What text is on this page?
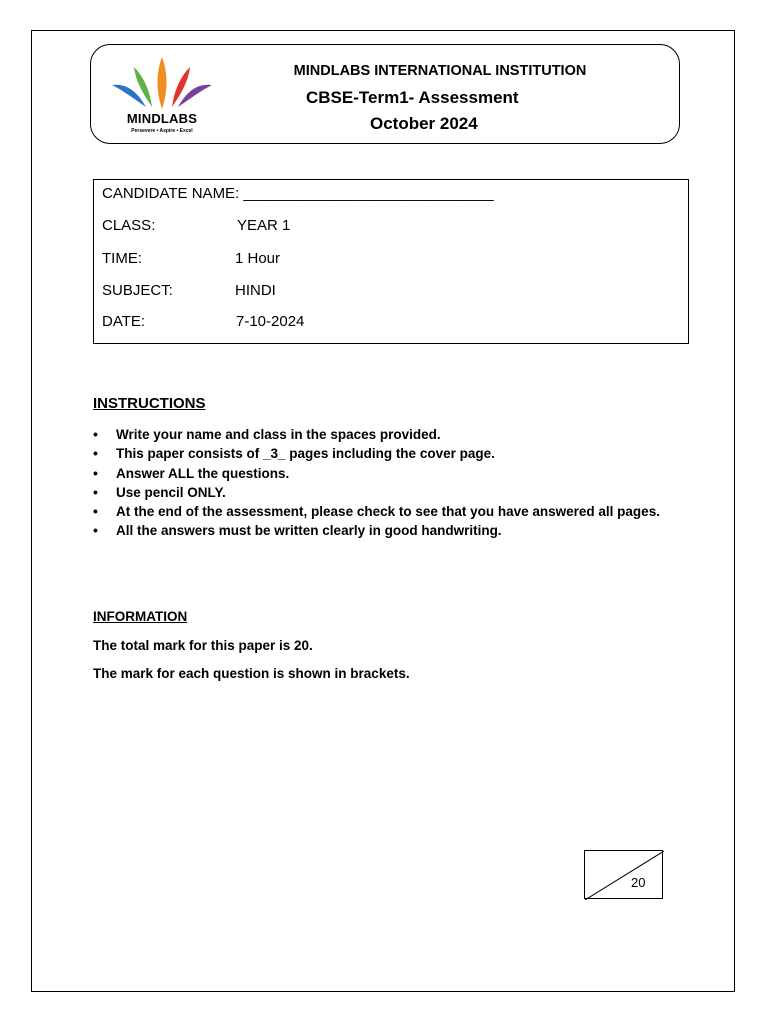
MINDLABS
Persevere • Aspire • Excel
MINDLABS INTERNATIONAL INSTITUTION
CBSE-Term1- Assessment
October 2024
CANDIDATE NAME: ______________________________
CLASS:	YEAR 1
TIME:	1 Hour
SUBJECT:	HINDI
DATE:	7-10-2024
INSTRUCTIONS
• Write your name and class in the spaces provided.
• This paper consists of _3_ pages including the cover page.
• Answer ALL the questions.
• Use pencil ONLY.
• At the end of the assessment, please check to see that you have answered all pages.
• All the answers must be written clearly in good handwriting.
INFORMATION
The total mark for this paper is 20.
The mark for each question is shown in brackets.
20
